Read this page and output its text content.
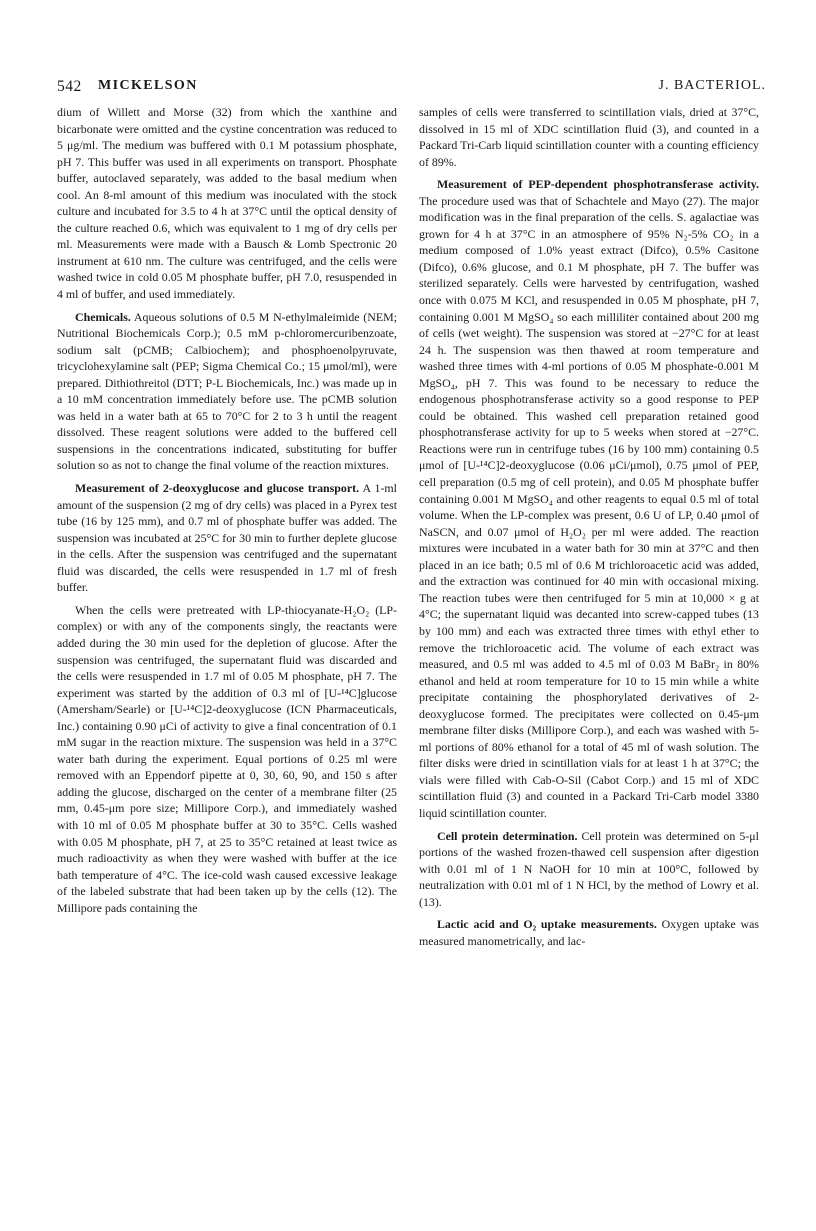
542 MICKELSON	J. BACTERIOL.

dium of Willett and Morse (32) from which the xanthine and bicarbonate were omitted and the cystine concentration was reduced to 5 μg/ml. The medium was buffered with 0.1 M potassium phosphate, pH 7. This buffer was used in all experiments on transport. Phosphate buffer, autoclaved separately, was added to the basal medium when cool. An 8-ml amount of this medium was inoculated with the stock culture and incubated for 3.5 to 4 h at 37°C until the optical density of the culture reached 0.6, which was equivalent to 1 mg of dry cells per ml. Measurements were made with a Bausch & Lomb Spectronic 20 instrument at 610 nm. The culture was centrifuged, and the cells were washed twice in cold 0.05 M phosphate buffer, pH 7.0, resuspended in 4 ml of buffer, and used immediately.

Chemicals. Aqueous solutions of 0.5 M N-ethylmaleimide (NEM; Nutritional Biochemicals Corp.); 0.5 mM p-chloromercuribenzoate, sodium salt (pCMB; Calbiochem); and phosphoenolpyruvate, tricyclohexylamine salt (PEP; Sigma Chemical Co.; 15 μmol/ml), were prepared. Dithiothreitol (DTT; P-L Biochemicals, Inc.) was made up in a 10 mM concentration immediately before use. The pCMB solution was held in a water bath at 65 to 70°C for 2 to 3 h until the reagent dissolved. These reagent solutions were added to the buffered cell suspensions in the concentrations indicated, substituting for buffer solution so as not to change the final volume of the reaction mixtures.

Measurement of 2-deoxyglucose and glucose transport. A 1-ml amount of the suspension (2 mg of dry cells) was placed in a Pyrex test tube (16 by 125 mm), and 0.7 ml of phosphate buffer was added. The suspension was incubated at 25°C for 30 min to further deplete glucose in the cells. After the suspension was centrifuged and the supernatant fluid was discarded, the cells were resuspended in 1.7 ml of fresh buffer.

When the cells were pretreated with LP-thiocyanate-H₂O₂ (LP-complex) or with any of the components singly, the reactants were added during the 30 min used for the depletion of glucose. After the suspension was centrifuged, the supernatant fluid was discarded and the cells were resuspended in 1.7 ml of 0.05 M phosphate, pH 7. The experiment was started by the addition of 0.3 ml of [U-¹⁴C]glucose (Amersham/Searle) or [U-¹⁴C]2-deoxyglucose (ICN Pharmaceuticals, Inc.) containing 0.90 μCi of activity to give a final concentration of 0.1 mM sugar in the reaction mixture. The suspension was held in a 37°C water bath during the experiment. Equal portions of 0.25 ml were removed with an Eppendorf pipette at 0, 30, 60, 90, and 150 s after adding the glucose, discharged on the center of a membrane filter (25 mm, 0.45-μm pore size; Millipore Corp.), and immediately washed with 10 ml of 0.05 M phosphate buffer at 30 to 35°C. Cells washed with 0.05 M phosphate, pH 7, at 25 to 35°C retained at least twice as much radioactivity as when they were washed with buffer at the ice bath temperature of 4°C. The ice-cold wash caused excessive leakage of the labeled substrate that had been taken up by the cells (12). The Millipore pads containing the

samples of cells were transferred to scintillation vials, dried at 37°C, dissolved in 15 ml of XDC scintillation fluid (3), and counted in a Packard Tri-Carb liquid scintillation counter with a counting efficiency of 89%.

Measurement of PEP-dependent phosphotransferase activity. The procedure used was that of Schachtele and Mayo (27). The major modification was in the final preparation of the cells. S. agalactiae was grown for 4 h at 37°C in an atmosphere of 95% N₂-5% CO₂ in a medium composed of 1.0% yeast extract (Difco), 0.5% Casitone (Difco), 0.6% glucose, and 0.1 M phosphate, pH 7. The buffer was sterilized separately. Cells were harvested by centrifugation, washed once with 0.075 M KCl, and resuspended in 0.05 M phosphate, pH 7, containing 0.001 M MgSO₄ so each milliliter contained about 200 mg of cells (wet weight). The suspension was stored at −27°C for at least 24 h. The suspension was then thawed at room temperature and washed three times with 4-ml portions of 0.05 M phosphate-0.001 M MgSO₄, pH 7. This was found to be necessary to reduce the endogenous phosphotransferase activity so a good response to PEP could be obtained. This washed cell preparation retained good phosphotransferase activity for up to 5 weeks when stored at −27°C. Reactions were run in centrifuge tubes (16 by 100 mm) containing 0.5 μmol of [U-¹⁴C]2-deoxyglucose (0.06 μCi/μmol), 0.75 μmol of PEP, cell preparation (0.5 mg of cell protein), and 0.05 M phosphate buffer containing 0.001 M MgSO₄ and other reagents to equal 0.5 ml of total volume. When the LP-complex was present, 0.6 U of LP, 0.40 μmol of NaSCN, and 0.07 μmol of H₂O₂ per ml were added. The reaction mixtures were incubated in a water bath for 30 min at 37°C and then placed in an ice bath; 0.5 ml of 0.6 M trichloroacetic acid was added, and the extraction was continued for 40 min with occasional mixing. The reaction tubes were then centrifuged for 5 min at 10,000 × g at 4°C; the supernatant liquid was decanted into screw-capped tubes (13 by 100 mm) and each was extracted three times with ethyl ether to remove the trichloroacetic acid. The volume of each extract was measured, and 0.5 ml was added to 4.5 ml of 0.03 M BaBr₂ in 80% ethanol and held at room temperature for 10 to 15 min while a white precipitate containing the phosphorylated derivatives of 2-deoxyglucose formed. The precipitates were collected on 0.45-μm membrane filter disks (Millipore Corp.), and each was washed with 5-ml portions of 80% ethanol for a total of 45 ml of wash solution. The filter disks were dried in scintillation vials for at least 1 h at 37°C; the vials were filled with Cab-O-Sil (Cabot Corp.) and 15 ml of XDC scintillation fluid (3) and counted in a Packard Tri-Carb model 3380 liquid scintillation counter.

Cell protein determination. Cell protein was determined on 5-μl portions of the washed frozen-thawed cell suspension after digestion with 0.01 ml of 1 N NaOH for 10 min at 100°C, followed by neutralization with 0.01 ml of 1 N HCl, by the method of Lowry et al. (13).

Lactic acid and O₂ uptake measurements. Oxygen uptake was measured manometrically, and lac-
